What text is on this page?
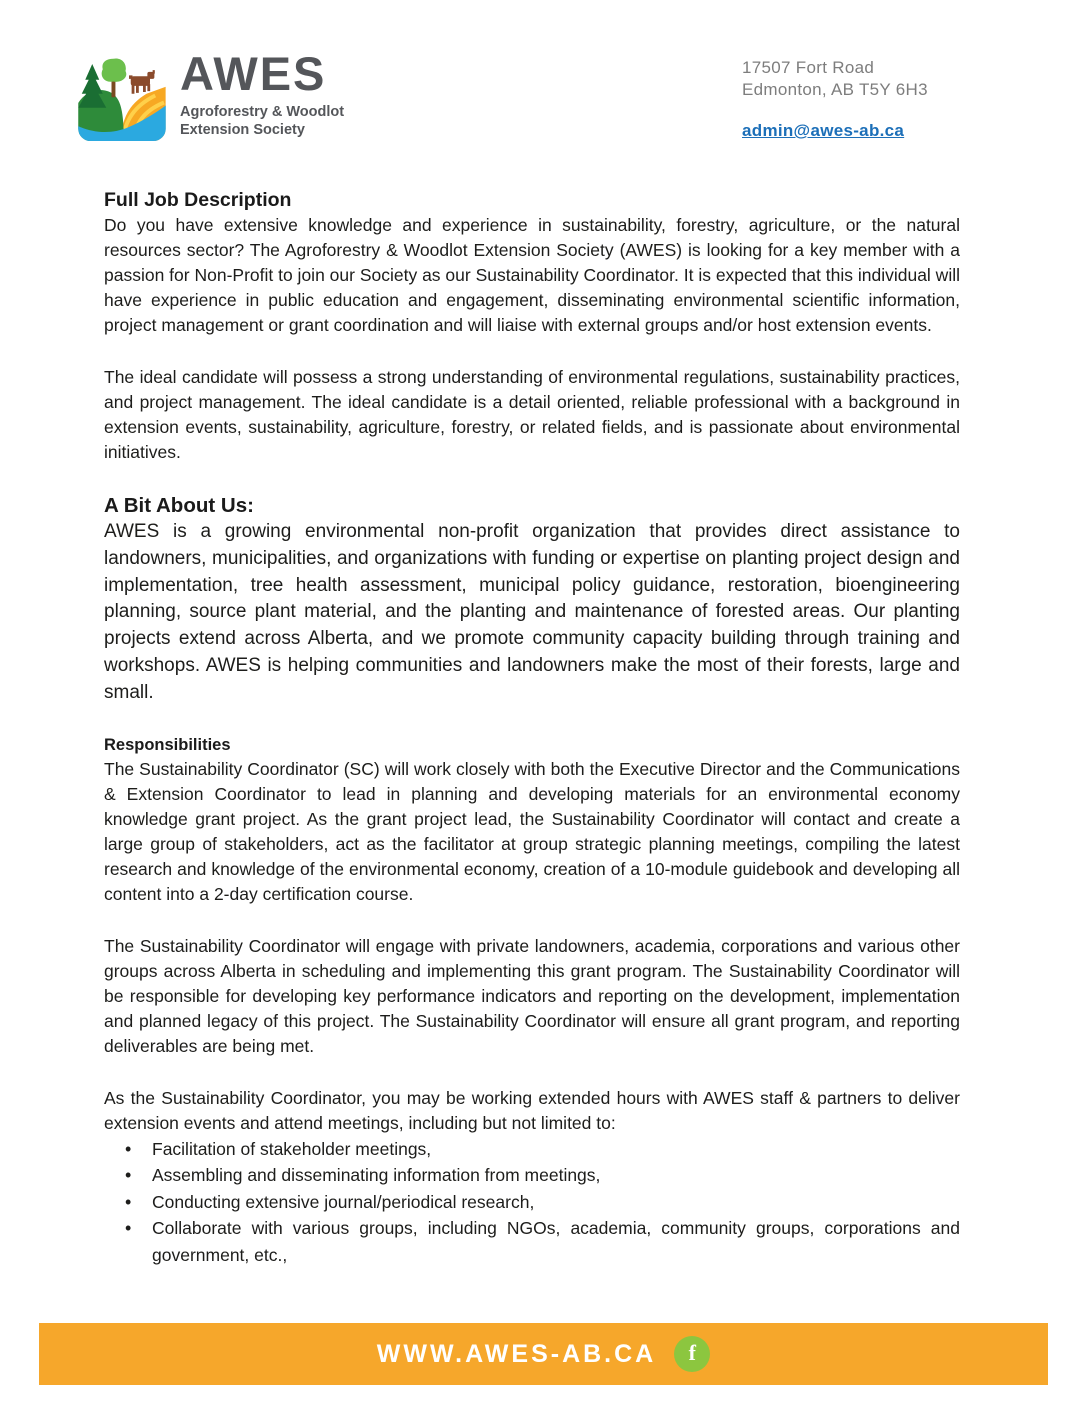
AWES
Agroforestry & Woodlot
Extension Society
17507 Fort Road
Edmonton, AB T5Y 6H3
admin@awes-ab.ca
Full Job Description

Do you have extensive knowledge and experience in sustainability, forestry, agriculture, or the natural resources sector? The Agroforestry & Woodlot Extension Society (AWES) is looking for a key member with a passion for Non-Profit to join our Society as our Sustainability Coordinator. It is expected that this individual will have experience in public education and engagement, disseminating environmental scientific information, project management or grant coordination and will liaise with external groups and/or host extension events.

The ideal candidate will possess a strong understanding of environmental regulations, sustainability practices, and project management. The ideal candidate is a detail oriented, reliable professional with a background in extension events, sustainability, agriculture, forestry, or related fields, and is passionate about environmental initiatives.

A Bit About Us:

AWES is a growing environmental non-profit organization that provides direct assistance to landowners, municipalities, and organizations with funding or expertise on planting project design and implementation, tree health assessment, municipal policy guidance, restoration, bioengineering planning, source plant material, and the planting and maintenance of forested areas. Our planting projects extend across Alberta, and we promote community capacity building through training and workshops. AWES is helping communities and landowners make the most of their forests, large and small.

Responsibilities

The Sustainability Coordinator (SC) will work closely with both the Executive Director and the Communications & Extension Coordinator to lead in planning and developing materials for an environmental economy knowledge grant project. As the grant project lead, the Sustainability Coordinator will contact and create a large group of stakeholders, act as the facilitator at group strategic planning meetings, compiling the latest research and knowledge of the environmental economy, creation of a 10-module guidebook and developing all content into a 2-day certification course.

The Sustainability Coordinator will engage with private landowners, academia, corporations and various other groups across Alberta in scheduling and implementing this grant program. The Sustainability Coordinator will be responsible for developing key performance indicators and reporting on the development, implementation and planned legacy of this project. The Sustainability Coordinator will ensure all grant program, and reporting deliverables are being met.

As the Sustainability Coordinator, you may be working extended hours with AWES staff & partners to deliver extension events and attend meetings, including but not limited to:

• Facilitation of stakeholder meetings,
• Assembling and disseminating information from meetings,
• Conducting extensive journal/periodical research,
• Collaborate with various groups, including NGOs, academia, community groups, corporations and government, etc.,
WWW.AWES-AB.CA f
